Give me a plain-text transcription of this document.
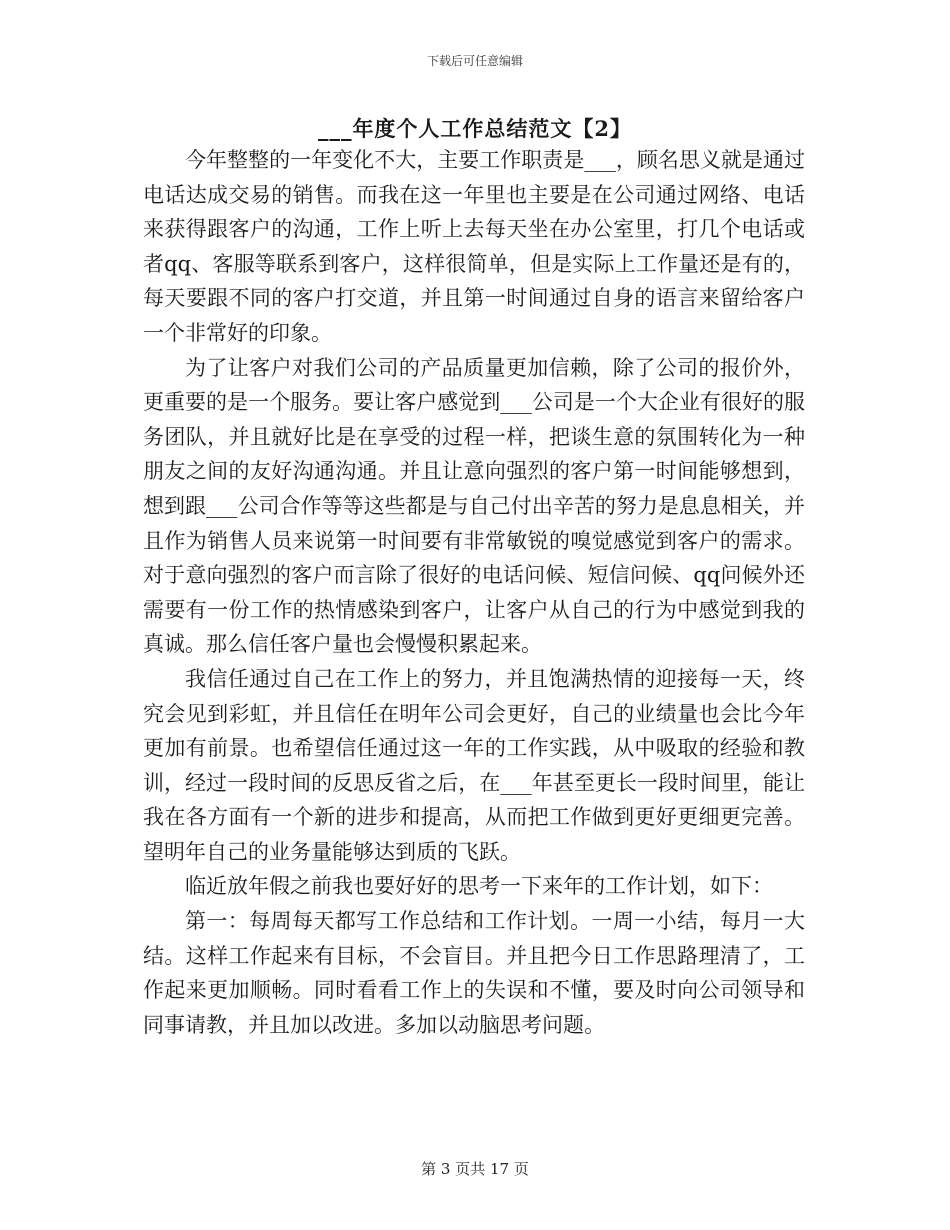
下载后可任意编辑
___年度个人工作总结范文【2】

今年整整的一年变化不大，主要工作职责是___，顾名思义就是通过电话达成交易的销售。而我在这一年里也主要是在公司通过网络、电话来获得跟客户的沟通，工作上听上去每天坐在办公室里，打几个电话或者qq、客服等联系到客户，这样很简单，但是实际上工作量还是有的，每天要跟不同的客户打交道，并且第一时间通过自身的语言来留给客户一个非常好的印象。

为了让客户对我们公司的产品质量更加信赖，除了公司的报价外，更重要的是一个服务。要让客户感觉到___公司是一个大企业有很好的服务团队，并且就好比是在享受的过程一样，把谈生意的氛围转化为一种朋友之间的友好沟通沟通。并且让意向强烈的客户第一时间能够想到，想到跟___公司合作等等这些都是与自己付出辛苦的努力是息息相关，并且作为销售人员来说第一时间要有非常敏锐的嗅觉感觉到客户的需求。对于意向强烈的客户而言除了很好的电话问候、短信问候、qq问候外还需要有一份工作的热情感染到客户，让客户从自己的行为中感觉到我的真诚。那么信任客户量也会慢慢积累起来。

我信任通过自己在工作上的努力，并且饱满热情的迎接每一天，终究会见到彩虹，并且信任在明年公司会更好，自己的业绩量也会比今年更加有前景。也希望信任通过这一年的工作实践，从中吸取的经验和教训，经过一段时间的反思反省之后，在___年甚至更长一段时间里，能让我在各方面有一个新的进步和提高，从而把工作做到更好更细更完善。望明年自己的业务量能够达到质的飞跃。

临近放年假之前我也要好好的思考一下来年的工作计划，如下：

第一：每周每天都写工作总结和工作计划。一周一小结，每月一大结。这样工作起来有目标，不会盲目。并且把今日工作思路理清了，工作起来更加顺畅。同时看看工作上的失误和不懂，要及时向公司领导和同事请教，并且加以改进。多加以动脑思考问题。

第 3 页共 17 页
